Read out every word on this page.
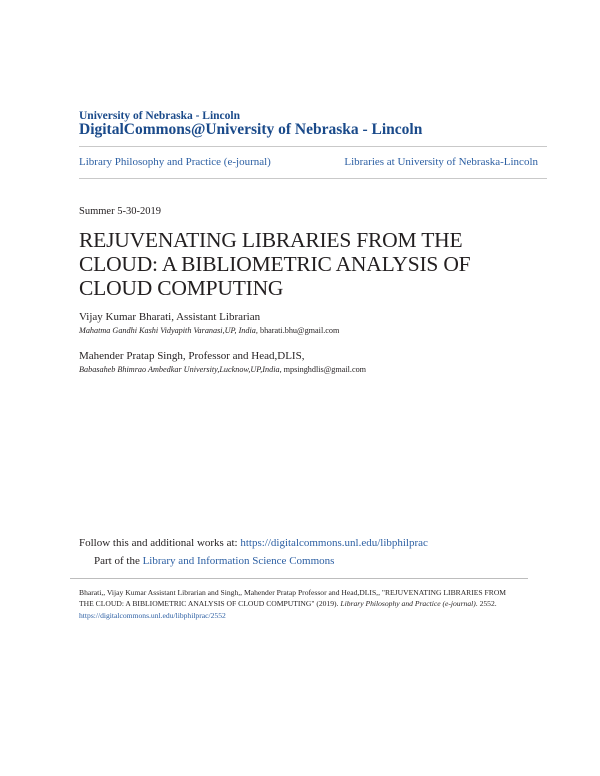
University of Nebraska - Lincoln
DigitalCommons@University of Nebraska - Lincoln
Library Philosophy and Practice (e-journal)	Libraries at University of Nebraska-Lincoln
Summer 5-30-2019
REJUVENATING LIBRARIES FROM THE CLOUD: A BIBLIOMETRIC ANALYSIS OF CLOUD COMPUTING
Vijay Kumar Bharati, Assistant Librarian
Mahatma Gandhi Kashi Vidyapith Varanasi,UP, India, bharati.bhu@gmail.com
Mahender Pratap Singh, Professor and Head,DLIS,
Babasaheb Bhimrao Ambedkar University,Lucknow,UP,India, mpsinghdlis@gmail.com
Follow this and additional works at: https://digitalcommons.unl.edu/libphilprac
Part of the Library and Information Science Commons
Bharati,, Vijay Kumar Assistant Librarian and Singh,, Mahender Pratap Professor and Head,DLIS,, "REJUVENATING LIBRARIES FROM THE CLOUD: A BIBLIOMETRIC ANALYSIS OF CLOUD COMPUTING" (2019). Library Philosophy and Practice (e-journal). 2552.
https://digitalcommons.unl.edu/libphilprac/2552
